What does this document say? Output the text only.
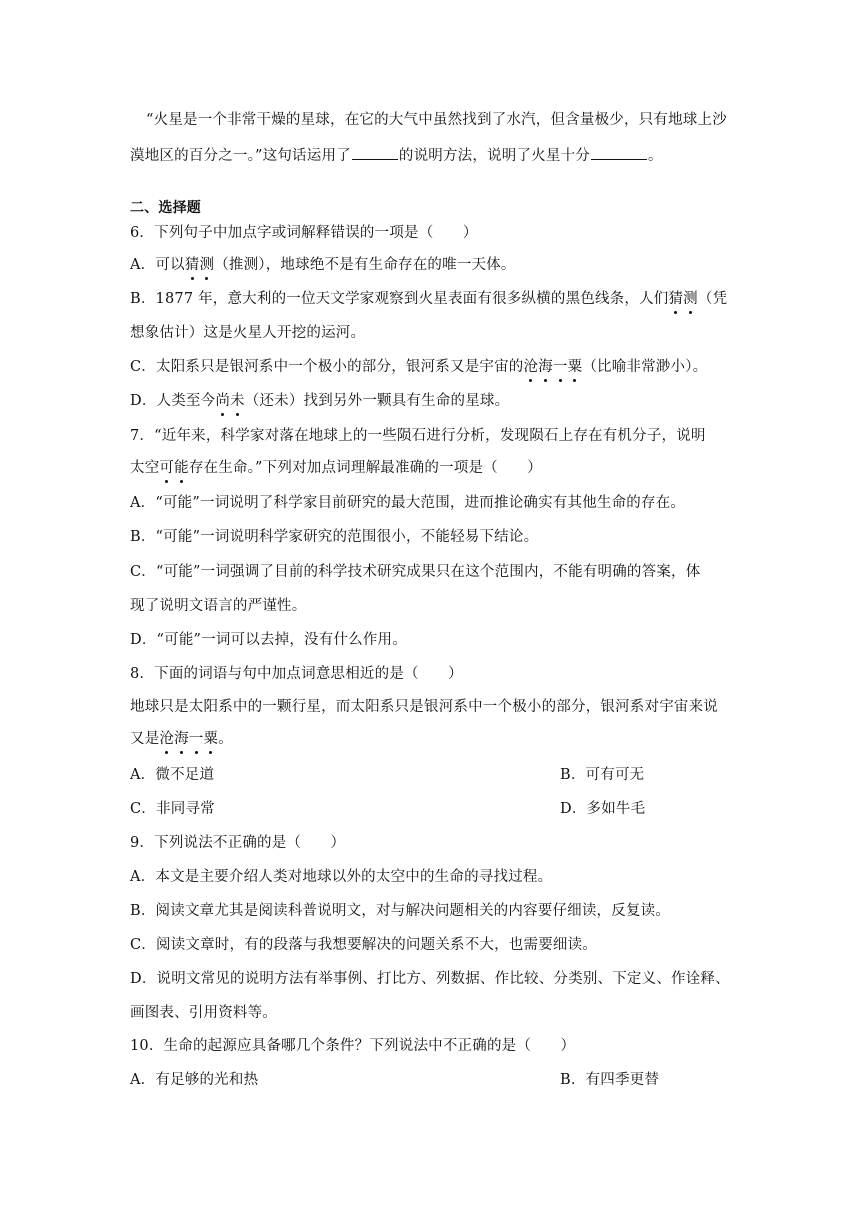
“火星是一个非常干燥的星球，在它的大气中虽然找到了水汽，但含量极少，只有地球上沙
漠地区的百分之一。”这句话运用了	的说明方法，说明了火星十分	。
二、选择题
6．下列句子中加点字或词解释错误的一项是（　　）
A．可以猜测（推测），地球绝不是有生命存在的唯一天体。
B．1877 年，意大利的一位天文学家观察到火星表面有很多纵横的黑色线条，人们猜测（凭
想象估计）这是火星人开挖的运河。
C．太阳系只是银河系中一个极小的部分，银河系又是宇宙的沧海一粟（比喻非常渺小）。
D．人类至今尚未（还未）找到另外一颗具有生命的星球。
7．“近年来，科学家对落在地球上的一些陨石进行分析，发现陨石上存在有机分子，说明
太空可能存在生命。”下列对加点词理解最准确的一项是（　　）
A．“可能”一词说明了科学家目前研究的最大范围，进而推论确实有其他生命的存在。
B．“可能”一词说明科学家研究的范围很小，不能轻易下结论。
C．“可能”一词强调了目前的科学技术研究成果只在这个范围内，不能有明确的答案，体
现了说明文语言的严谨性。
D．“可能”一词可以去掉，没有什么作用。
8．下面的词语与句中加点词意思相近的是（　　）
地球只是太阳系中的一颗行星，而太阳系只是银河系中一个极小的部分，银河系对宇宙来说
又是沧海一粟。
A．微不足道	B．可有可无
C．非同寻常	D．多如牛毛
9．下列说法不正确的是（　　）
A．本文是主要介绍人类对地球以外的太空中的生命的寻找过程。
B．阅读文章尤其是阅读科普说明文，对与解决问题相关的内容要仔细读，反复读。
C．阅读文章时，有的段落与我想要解决的问题关系不大，也需要细读。
D．说明文常见的说明方法有举事例、打比方、列数据、作比较、分类别、下定义、作诠释、
画图表、引用资料等。
10．生命的起源应具备哪几个条件？下列说法中不正确的是（　　）
A．有足够的光和热	B．有四季更替
